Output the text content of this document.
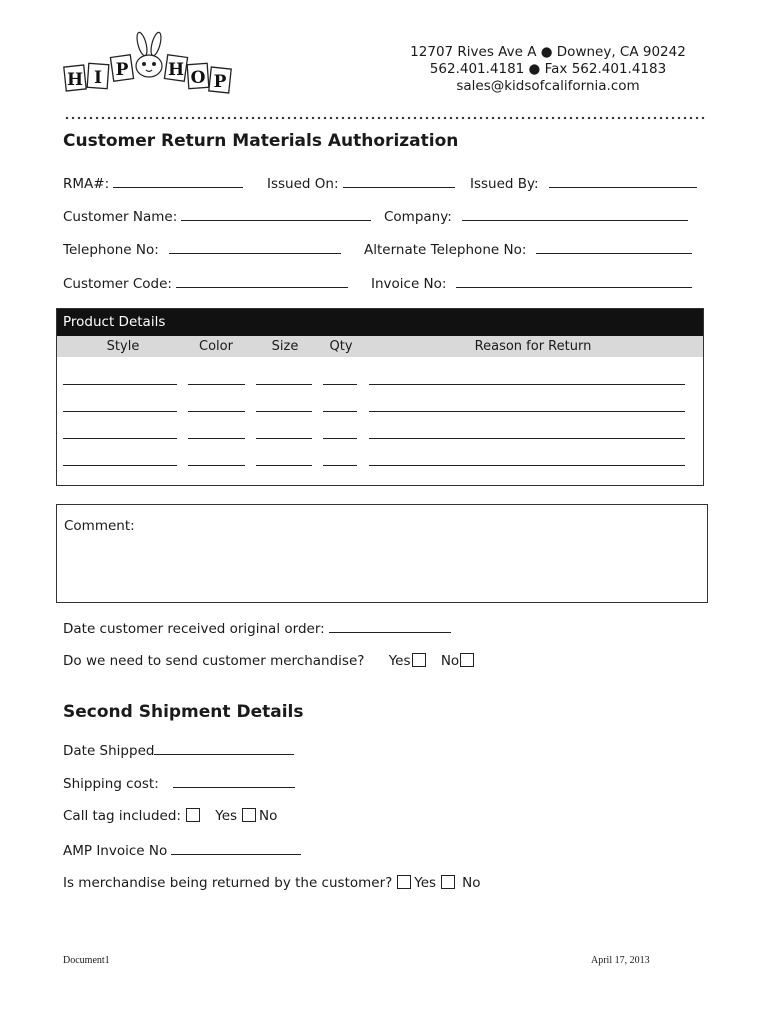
H I P H O P
HIP HOP
12707 Rives Ave A ● Downey, CA 90242
562.401.4181 ● Fax 562.401.4183
sales@kidsofcalifornia.com
Customer Return Materials Authorization
RMA#:	Issued On:	Issued By:
Customer Name:	Company:
Telephone No:	Alternate Telephone No:
Customer Code:	Invoice No:
Product Details
Style	Color	Size Qty	Reason for Return
Comment:
Date customer received original order:
Do we need to send customer merchandise? Yes No
Second Shipment Details
Date Shipped
Shipping cost:
Call tag included:	Yes No
AMP Invoice No
Is merchandise being returned by the customer? Yes No
Document1	April 17, 2013
